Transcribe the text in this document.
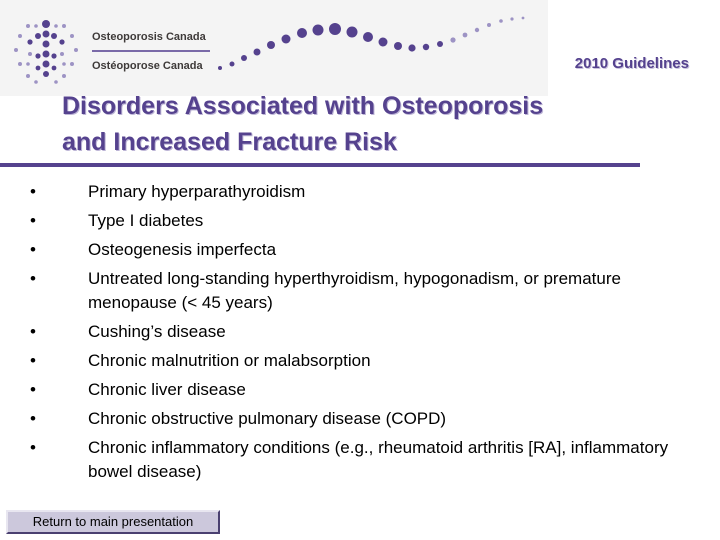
Osteoporosis Canada
Ostéoporose Canada	2010 Guidelines
Disorders Associated with Osteoporosis
and Increased Fracture Risk
•	Primary hyperparathyroidism
•	Type I diabetes
•	Osteogenesis imperfecta
•	Untreated long-standing hyperthyroidism, hypogonadism, or premature menopause (< 45 years)
•	Cushing’s disease
•	Chronic malnutrition or malabsorption
•	Chronic liver disease
•	Chronic obstructive pulmonary disease (COPD)
•	Chronic inflammatory conditions (e.g., rheumatoid arthritis [RA], inflammatory bowel disease)
Return to main presentation
